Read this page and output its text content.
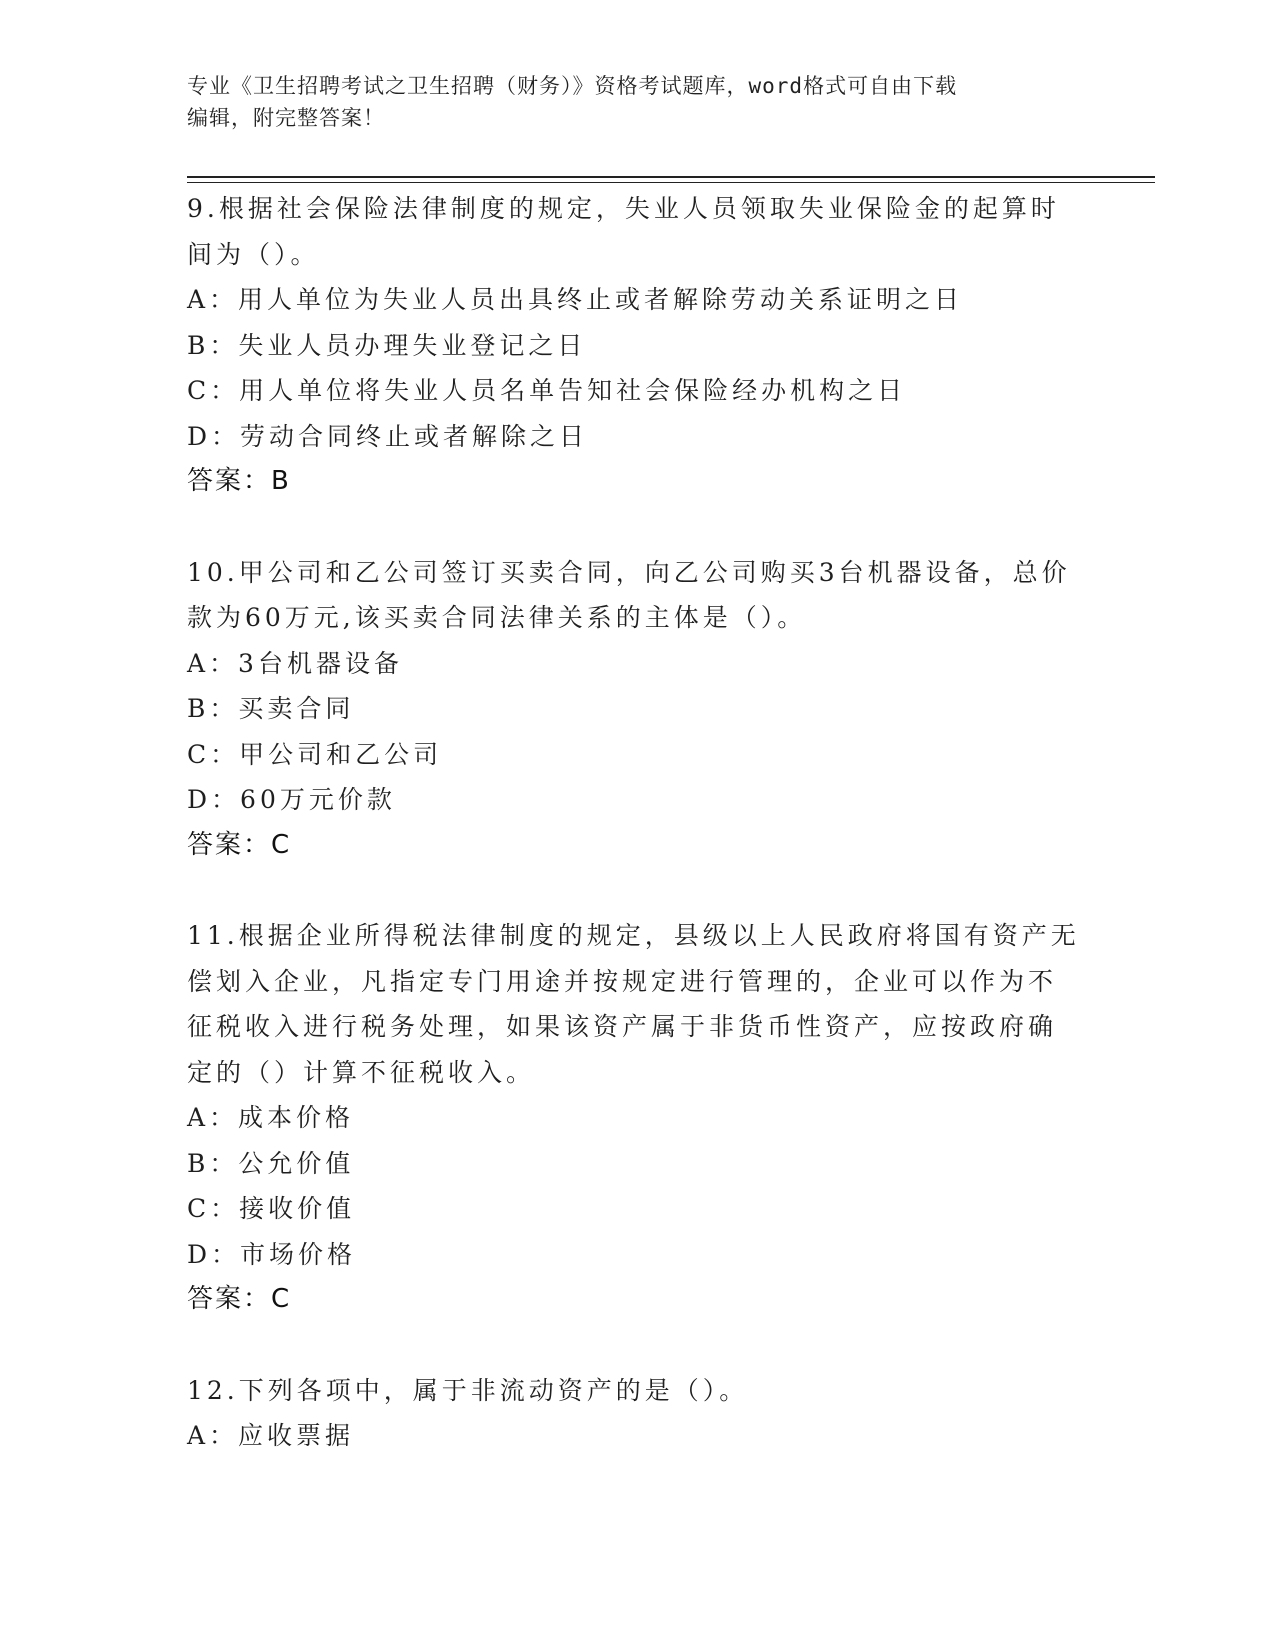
专业《卫生招聘考试之卫生招聘（财务）》资格考试题库，word格式可自由下载
编辑，附完整答案！
9.根据社会保险法律制度的规定，失业人员领取失业保险金的起算时
间为（）。
A：用人单位为失业人员出具终止或者解除劳动关系证明之日
B：失业人员办理失业登记之日
C：用人单位将失业人员名单告知社会保险经办机构之日
D：劳动合同终止或者解除之日
答案：B
10.甲公司和乙公司签订买卖合同，向乙公司购买3台机器设备，总价
款为60万元,该买卖合同法律关系的主体是（）。
A：3台机器设备
B：买卖合同
C：甲公司和乙公司
D：60万元价款
答案：C
11.根据企业所得税法律制度的规定，县级以上人民政府将国有资产无
偿划入企业，凡指定专门用途并按规定进行管理的，企业可以作为不
征税收入进行税务处理，如果该资产属于非货币性资产，应按政府确
定的（）计算不征税收入。
A：成本价格
B：公允价值
C：接收价值
D：市场价格
答案：C
12.下列各项中，属于非流动资产的是（）。
A：应收票据
